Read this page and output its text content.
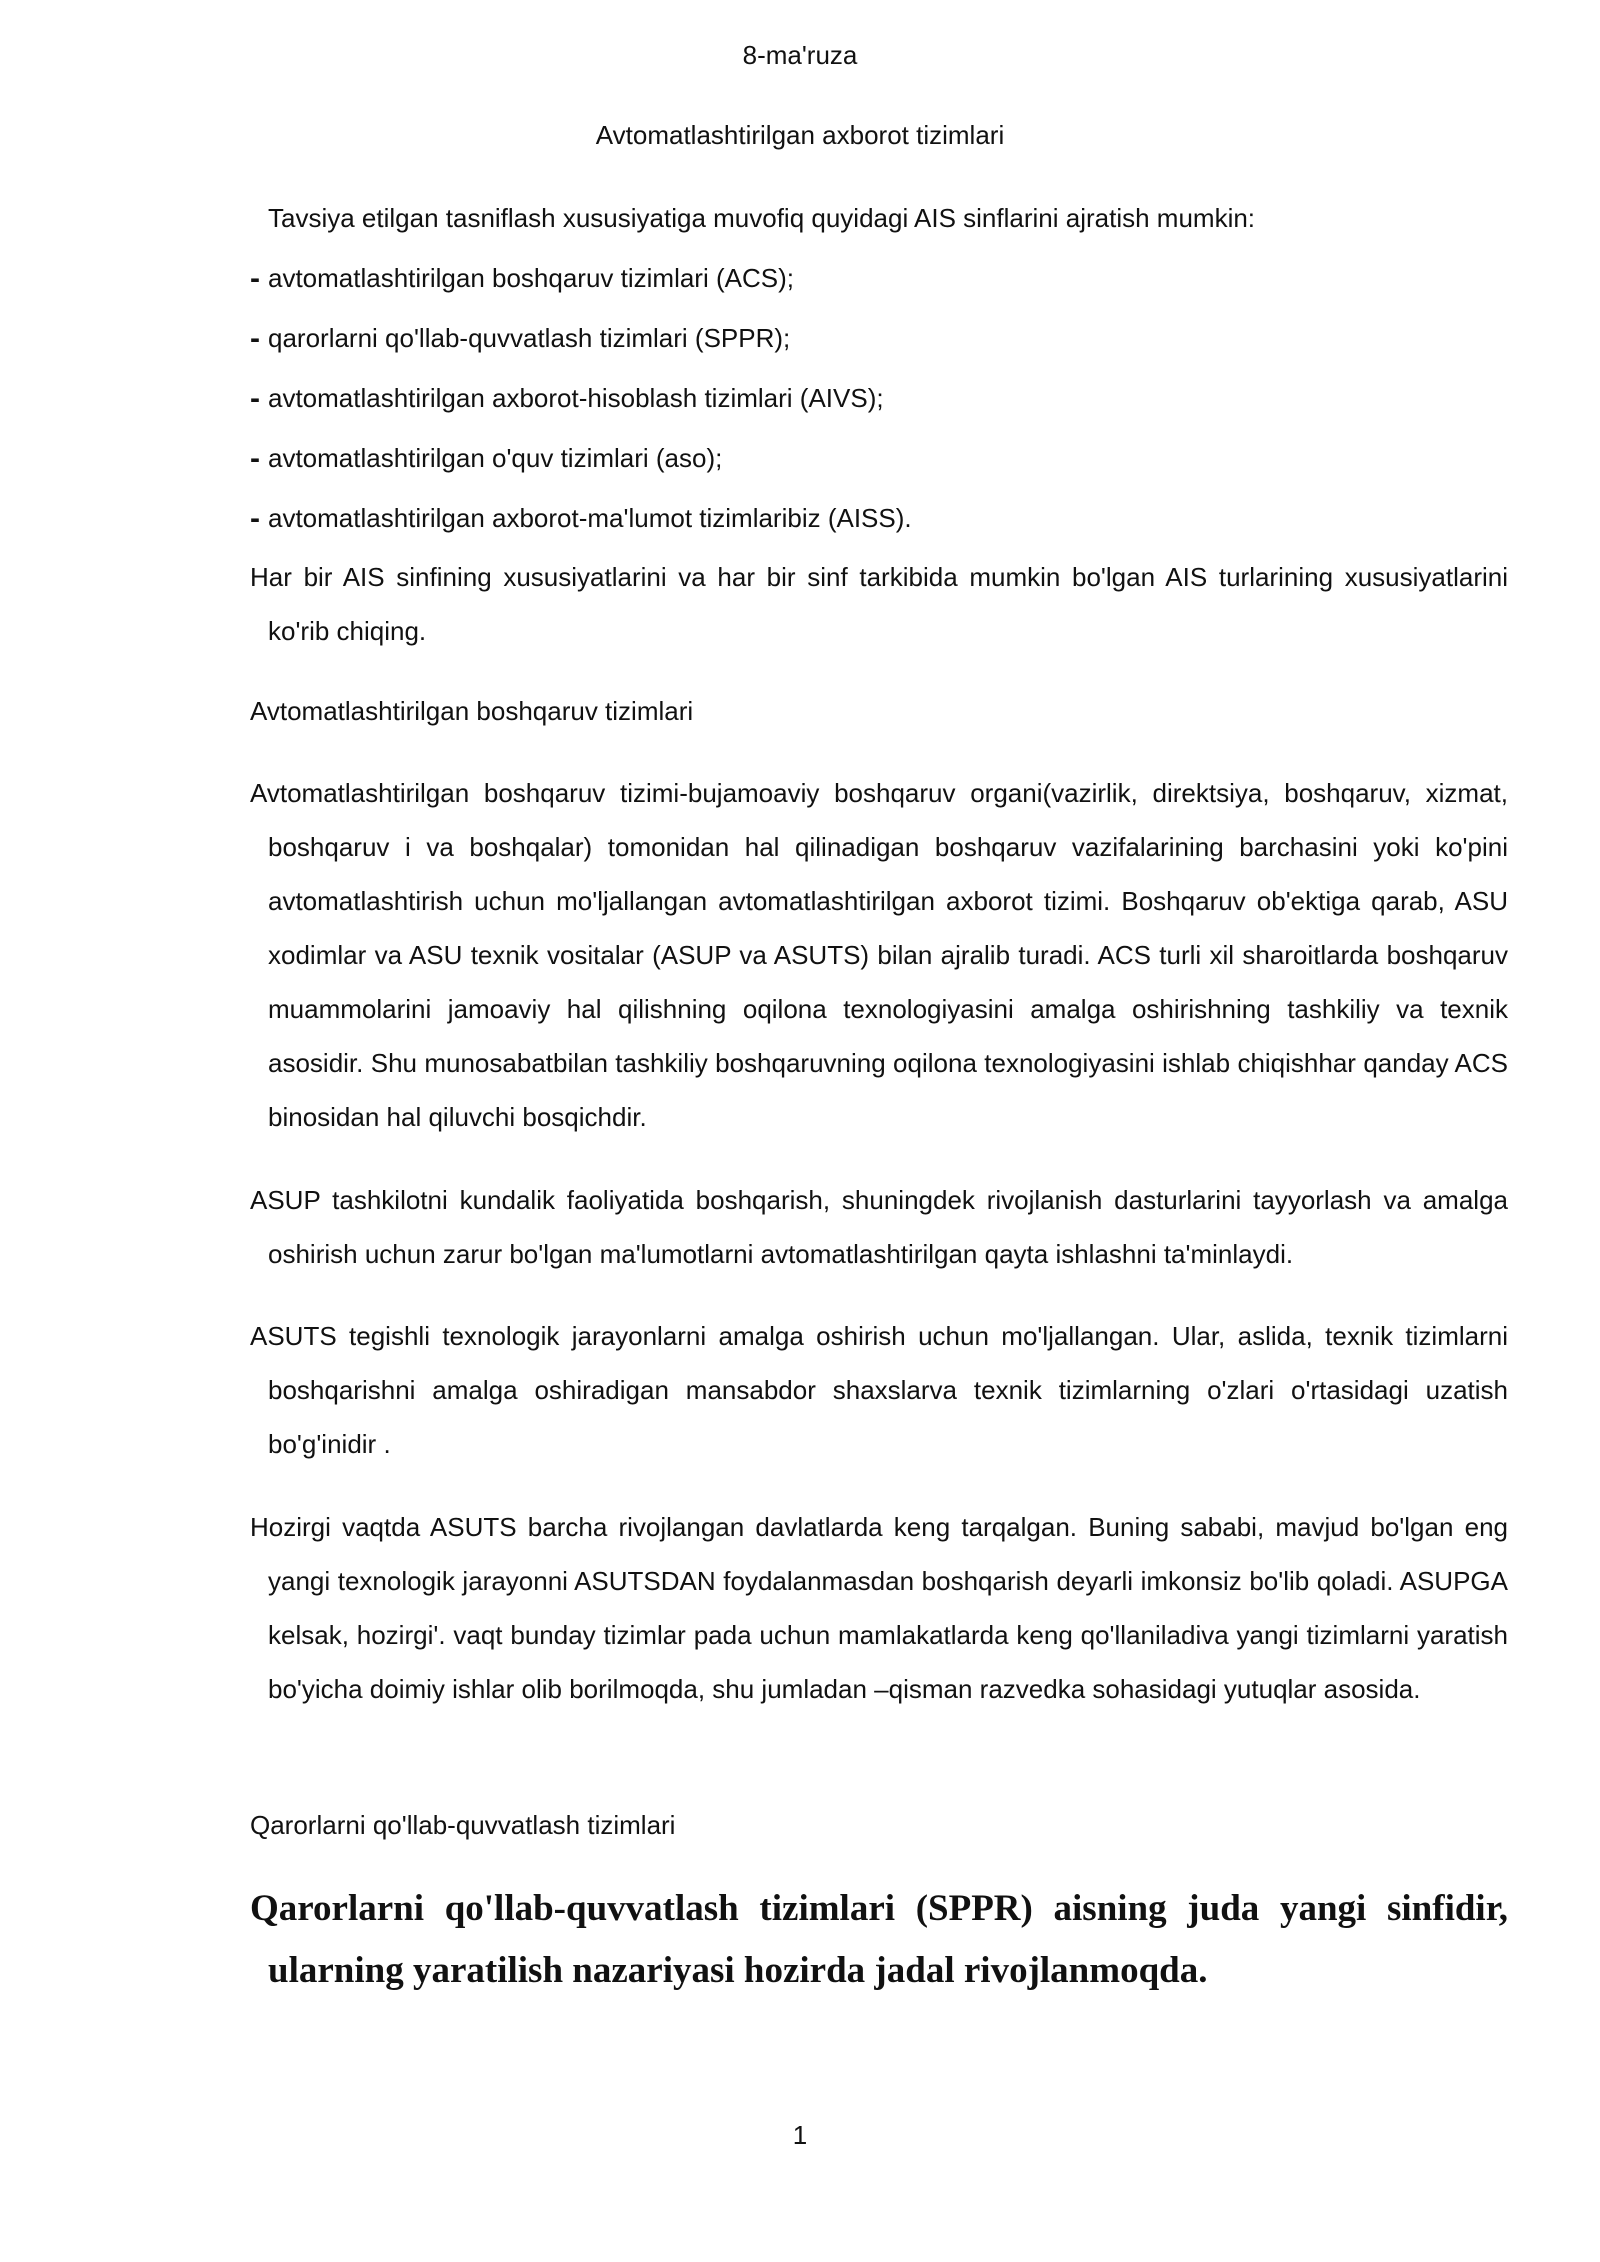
8-ma'ruza
Avtomatlashtirilgan axborot tizimlari
Tavsiya etilgan tasniflash xususiyatiga muvofiq quyidagi AIS sinflarini ajratish mumkin:
- avtomatlashtirilgan boshqaruv tizimlari (ACS);
- qarorlarni qo'llab-quvvatlash tizimlari (SPPR);
- avtomatlashtirilgan axborot-hisoblash tizimlari (AIVS);
- avtomatlashtirilgan o'quv tizimlari (aso);
- avtomatlashtirilgan axborot-ma'lumot tizimlaribiz (AISS).

Har bir AIS sinfining xususiyatlarini va har bir sinf tarkibida mumkin bo'lgan AIS turlarining xususiyatlarini ko'rib chiqing.

Avtomatlashtirilgan boshqaruv tizimlari

Avtomatlashtirilgan boshqaruv tizimi-bujamoaviy boshqaruv organi(vazirlik, direktsiya, boshqaruv, xizmat, boshqaruv i va boshqalar) tomonidan hal qilinadigan boshqaruv vazifalarining barchasini yoki ko'pini avtomatlashtirish uchun mo'ljallangan avtomatlashtirilgan axborot tizimi. Boshqaruv ob'ektiga qarab, ASU xodimlar va ASU texnik vositalar (ASUP va ASUTS) bilan ajralib turadi. ACS turli xil sharoitlarda boshqaruv muammolarini jamoaviy hal qilishning oqilona texnologiyasini amalga oshirishning tashkiliy va texnik asosidir. Shu munosabatbilan tashkiliy boshqaruvning oqilona texnologiyasini ishlab chiqishhar qanday ACS binosidan hal qiluvchi bosqichdir.

ASUP tashkilotni kundalik faoliyatida boshqarish, shuningdek rivojlanish dasturlarini tayyorlash va amalga oshirish uchun zarur bo'lgan ma'lumotlarni avtomatlashtirilgan qayta ishlashni ta'minlaydi.

ASUTS tegishli texnologik jarayonlarni amalga oshirish uchun mo'ljallangan. Ular, aslida, texnik tizimlarni boshqarishni amalga oshiradigan mansabdor shaxslarva texnik tizimlarning o'zlari o'rtasidagi uzatish bo'g'inidir .

Hozirgi vaqtda ASUTS barcha rivojlangan davlatlarda keng tarqalgan. Buning sababi, mavjud bo'lgan eng yangi texnologik jarayonni ASUTSDAN foydalanmasdan boshqarish deyarli imkonsiz bo'lib qoladi. ASUPGA kelsak, hozirgi'. vaqt bunday tizimlar pada uchun mamlakatlarda keng qo'llaniladiva yangi tizimlarni yaratish bo'yicha doimiy ishlar olib borilmoqda, shu jumladan –qisman razvedka sohasidagi yutuqlar asosida.

Qarorlarni qo'llab-quvvatlash tizimlari

Qarorlarni qo'llab-quvvatlash tizimlari (SPPR) aisning juda yangi sinfidir, ularning yaratilish nazariyasi hozirda jadal rivojlanmoqda.

1
